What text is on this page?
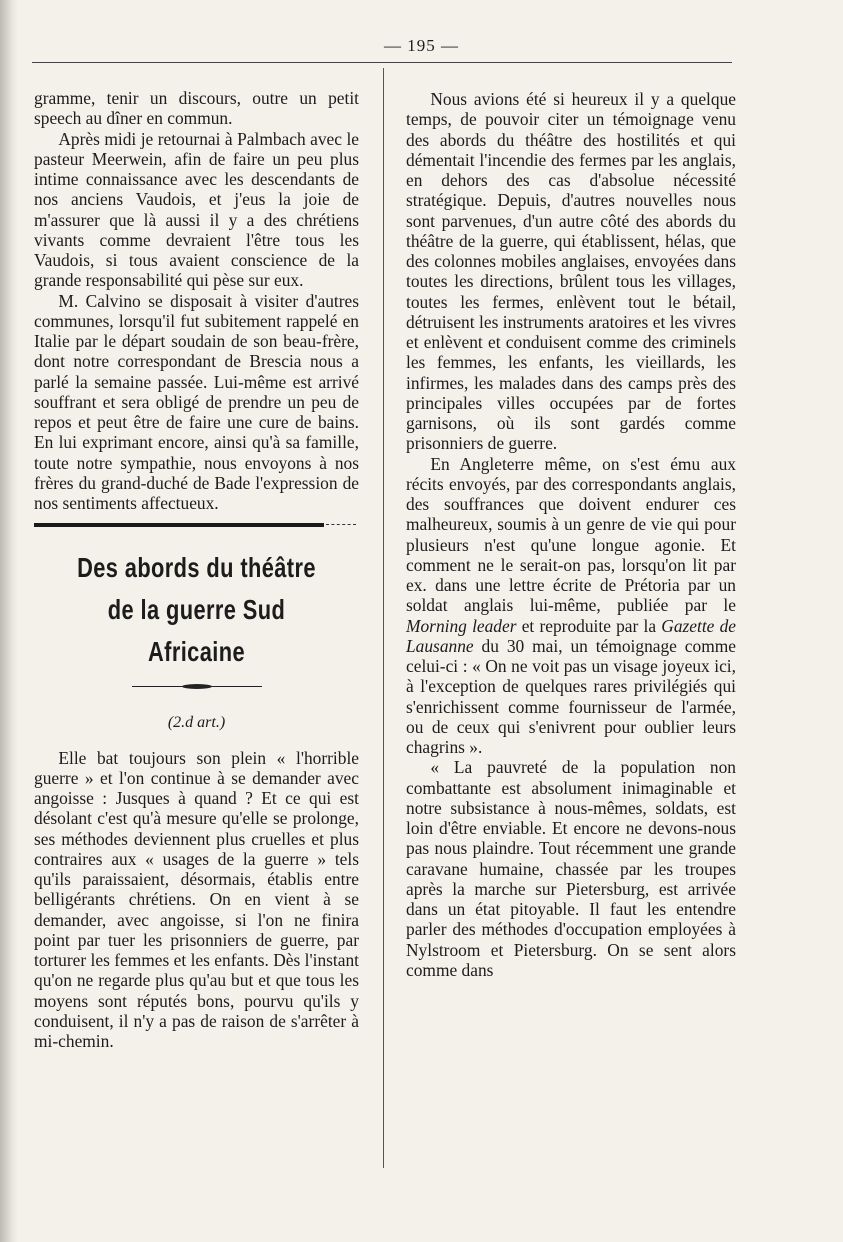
— 195 —

gramme, tenir un discours, outre un petit speech au dîner en commun.

Après midi je retournai à Palmbach avec le pasteur Meerwein, afin de faire un peu plus intime connaissance avec les descendants de nos anciens Vaudois, et j'eus la joie de m'assurer que là aussi il y a des chrétiens vivants comme devraient l'être tous les Vaudois, si tous avaient conscience de la grande responsabilité qui pèse sur eux.

M. Calvino se disposait à visiter d'autres communes, lorsqu'il fut subitement rappelé en Italie par le départ soudain de son beau-frère, dont notre correspondant de Brescia nous a parlé la semaine passée. Lui-même est arrivé souffrant et sera obligé de prendre un peu de repos et peut être de faire une cure de bains. En lui exprimant encore, ainsi qu'à sa famille, toute notre sympathie, nous envoyons à nos frères du grand-duché de Bade l'expression de nos sentiments affectueux.

Des abords du théâtre
de la guerre Sud Africaine
(2.d art.)

Elle bat toujours son plein « l'horrible guerre » et l'on continue à se demander avec angoisse : Jusques à quand ? Et ce qui est désolant c'est qu'à mesure qu'elle se prolonge, ses méthodes deviennent plus cruelles et plus contraires aux « usages de la guerre » tels qu'ils paraissaient, désormais, établis entre belligérants chrétiens. On en vient à se demander, avec angoisse, si l'on ne finira point par tuer les prisonniers de guerre, par torturer les femmes et les enfants. Dès l'instant qu'on ne regarde plus qu'au but et que tous les moyens sont réputés bons, pourvu qu'ils y conduisent, il n'y a pas de raison de s'arrêter à mi-chemin.

Nous avions été si heureux il y a quelque temps, de pouvoir citer un témoignage venu des abords du théâtre des hostilités et qui démentait l'incendie des fermes par les anglais, en dehors des cas d'absolue nécessité stratégique. Depuis, d'autres nouvelles nous sont parvenues, d'un autre côté des abords du théâtre de la guerre, qui établissent, hélas, que des colonnes mobiles anglaises, envoyées dans toutes les directions, brûlent tous les villages, toutes les fermes, enlèvent tout le bétail, détruisent les instruments aratoires et les vivres et enlèvent et conduisent comme des criminels les femmes, les enfants, les vieillards, les infirmes, les malades dans des camps près des principales villes occupées par de fortes garnisons, où ils sont gardés comme prisonniers de guerre.

En Angleterre même, on s'est ému aux récits envoyés, par des correspondants anglais, des souffrances que doivent endurer ces malheureux, soumis à un genre de vie qui pour plusieurs n'est qu'une longue agonie. Et comment ne le serait-on pas, lorsqu'on lit par ex. dans une lettre écrite de Prétoria par un soldat anglais lui-même, publiée par le Morning leader et reproduite par la Gazette de Lausanne du 30 mai, un témoignage comme celui-ci : « On ne voit pas un visage joyeux ici, à l'exception de quelques rares privilégiés qui s'enrichissent comme fournisseur de l'armée, ou de ceux qui s'enivrent pour oublier leurs chagrins ».

« La pauvreté de la population non combattante est absolument inimaginable et notre subsistance à nous-mêmes, soldats, est loin d'être enviable. Et encore ne devons-nous pas nous plaindre. Tout récemment une grande caravane humaine, chassée par les troupes après la marche sur Pietersburg, est arrivée dans un état pitoyable. Il faut les entendre parler des méthodes d'occupation employées à Nylstroom et Pietersburg. On se sent alors comme dans
